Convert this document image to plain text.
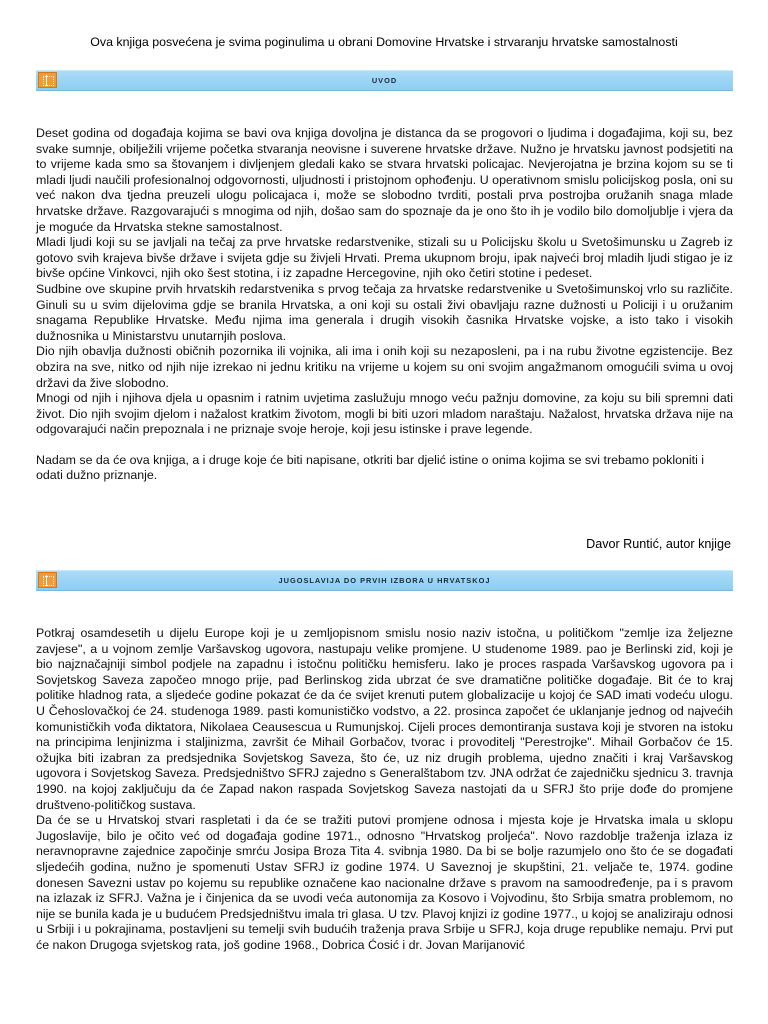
Ova knjiga posvećena je svima poginulima u obrani Domovine Hrvatske i strvaranju hrvatske samostalnosti
UVOD

Deset godina od događaja kojima se bavi ova knjiga dovoljna je distanca da se progovori o ljudima i događajima, koji su, bez svake sumnje, obilježili vrijeme početka stvaranja neovisne i suverene hrvatske države. Nužno je hrvatsku javnost podsjetiti na to vrijeme kada smo sa štovanjem i divljenjem gledali kako se stvara hrvatski policajac. Nevjerojatna je brzina kojom su se ti mladi ljudi naučili profesionalnoj odgovornosti, uljudnosti i pristojnom ophođenju. U operativnom smislu policijskog posla, oni su već nakon dva tjedna preuzeli ulogu policajaca i, može se slobodno tvrditi, postali prva postrojba oružanih snaga mlade hrvatske države. Razgovarajući s mnogima od njih, došao sam do spoznaje da je ono što ih je vodilo bilo domoljublje i vjera da je moguće da Hrvatska stekne samostalnost.

Mladi ljudi koji su se javljali na tečaj za prve hrvatske redarstvenike, stizali su u Policijsku školu u Svetošimunsku u Zagreb iz gotovo svih krajeva bivše države i svijeta gdje su živjeli Hrvati. Prema ukupnom broju, ipak najveći broj mladih ljudi stigao je iz bivše općine Vinkovci, njih oko šest stotina, i iz zapadne Hercegovine, njih oko četiri stotine i pedeset.

Sudbine ove skupine prvih hrvatskih redarstvenika s prvog tečaja za hrvatske redarstvenike u Svetošimunskoj vrlo su različite. Ginuli su u svim dijelovima gdje se branila Hrvatska, a oni koji su ostali živi obavljaju razne dužnosti u Policiji i u oružanim snagama Republike Hrvatske. Među njima ima generala i drugih visokih časnika Hrvatske vojske, a isto tako i visokih dužnosnika u Ministarstvu unutarnjih poslova.

Dio njih obavlja dužnosti običnih pozornika ili vojnika, ali ima i onih koji su nezaposleni, pa i na rubu životne egzistencije. Bez obzira na sve, nitko od njih nije izrekao ni jednu kritiku na vrijeme u kojem su oni svojim angažmanom omogućili svima u ovoj državi da žive slobodno.

Mnogi od njih i njihova djela u opasnim i ratnim uvjetima zaslužuju mnogo veću pažnju domovine, za koju su bili spremni dati život. Dio njih svojim djelom i nažalost kratkim životom, mogli bi biti uzori mladom naraštaju. Nažalost, hrvatska država nije na odgovarajući način prepoznala i ne priznaje svoje heroje, koji jesu istinske i prave legende.

Nadam se da će ova knjiga, a i druge koje će biti napisane, otkriti bar djelić istine o onima kojima se svi trebamo pokloniti i odati dužno priznanje.

Davor Runtić, autor knjige
JUGOSLAVIJA DO PRVIH IZBORA U HRVATSKOJ

Potkraj osamdesetih u dijelu Europe koji je u zemljopisnom smislu nosio naziv istočna, u političkom "zemlje iza željezne zavjese", a u vojnom zemlje Varšavskog ugovora, nastupaju velike promjene. U studenome 1989. pao je Berlinski zid, koji je bio najznačajniji simbol podjele na zapadnu i istočnu političku hemisferu. Iako je proces raspada Varšavskog ugovora pa i Sovjetskog Saveza započeo mnogo prije, pad Berlinskog zida ubrzat će sve dramatične političke događaje. Bit će to kraj politike hladnog rata, a sljedeće godine pokazat će da će svijet krenuti putem globalizacije u kojoj će SAD imati vodeću ulogu. U Čehoslovačkoj će 24. studenoga 1989. pasti komunističko vodstvo, a 22. prosinca započet će uklanjanje jednog od najvećih komunističkih vođa diktatora, Nikolaea Ceausescua u Rumunjskoj. Cijeli proces demontiranja sustava koji je stvoren na istoku na principima lenjinizma i staljinizma, završit će Mihail Gorbačov, tvorac i provoditelj "Perestrojke". Mihail Gorbačov će 15. ožujka biti izabran za predsjednika Sovjetskog Saveza, što će, uz niz drugih problema, ujedno značiti i kraj Varšavskog ugovora i Sovjetskog Saveza. Predsjedništvo SFRJ zajedno s Generalštabom tzv. JNA održat će zajedničku sjednicu 3. travnja 1990. na kojoj zaključuju da će Zapad nakon raspada Sovjetskog Saveza nastojati da u SFRJ što prije dođe do promjene društveno-političkog sustava.

Da će se u Hrvatskoj stvari raspletati i da će se tražiti putovi promjene odnosa i mjesta koje je Hrvatska imala u sklopu Jugoslavije, bilo je očito već od događaja godine 1971., odnosno "Hrvatskog proljeća". Novo razdoblje traženja izlaza iz neravnopravne zajednice započinje smrću Josipa Broza Tita 4. svibnja 1980. Da bi se bolje razumjelo ono što će se događati sljedećih godina, nužno je spomenuti Ustav SFRJ iz godine 1974. U Saveznoj je skupštini, 21. veljače te, 1974. godine donesen Savezni ustav po kojemu su republike označene kao nacionalne države s pravom na samoodređenje, pa i s pravom na izlazak iz SFRJ. Važna je i činjenica da se uvodi veća autonomija za Kosovo i Vojvodinu, što Srbija smatra problemom, no nije se bunila kada je u budućem Predsjedništvu imala tri glasa. U tzv. Plavoj knjizi iz godine 1977., u kojoj se analiziraju odnosi u Srbiji i u pokrajinama, postavljeni su temelji svih budućih traženja prava Srbije u SFRJ, koja druge republike nemaju. Prvi put će nakon Drugoga svjetskog rata, još godine 1968., Dobrica Ćosić i dr. Jovan Marijanović
